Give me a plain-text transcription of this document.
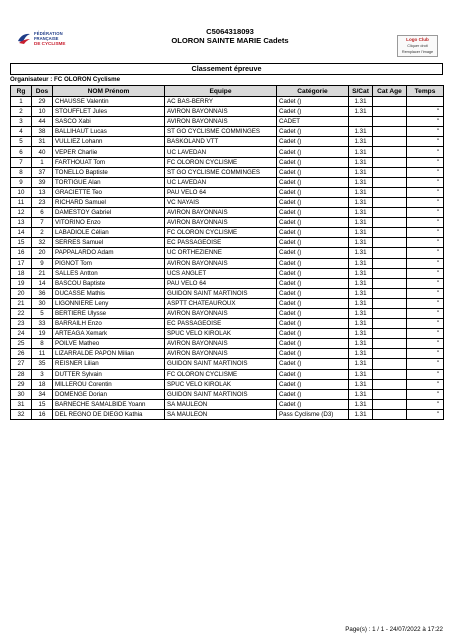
FÉDÉRATION
FRANÇAISE
DE CYCLISME
C5064318093
OLORON SAINTE MARIE Cadets	Logo Club
Cliquer droit
Remplacer l'image
Classement épreuve
Organisateur : FC OLORON Cyclisme
Rg	Dos	NOM Prénom	Equipe	Catégorie	S/Cat	Cat Age	Temps
1	29	CHAUSSE Valentin	AC BAS-BERRY	Cadet ()	1.31		
2	10	STOUFFLET Jules	AVIRON BAYONNAIS	Cadet ()	1.31		"
3	44	SASCO Xabi	AVIRON BAYONNAIS	CADET			"
4	38	BALLIHAUT Lucas	ST GO CYCLISME COMMINGES	Cadet ()	1.31		"
5	31	VULLIEZ Lohann	BASKOLAND VTT	Cadet ()	1.31		"
6	40	VEPER Charlie	UC LAVEDAN	Cadet ()	1.31		"
7	1	FARTHOUAT Tom	FC OLORON CYCLISME	Cadet ()	1.31		"
8	37	TONELLO Baptiste	ST GO CYCLISME COMMINGES	Cadet ()	1.31		"
9	39	TORTIGUE Alan	UC LAVEDAN	Cadet ()	1.31		"
10	13	GRACIETTE Teo	PAU VELO 64	Cadet ()	1.31		"
11	23	RICHARD Samuel	VC NAYAIS	Cadet ()	1.31		"
12	6	DAMESTOY Gabriel	AVIRON BAYONNAIS	Cadet ()	1.31		"
13	7	VITORINO Enzo	AVIRON BAYONNAIS	Cadet ()	1.31		"
14	2	LABADIOLE Célian	FC OLORON CYCLISME	Cadet ()	1.31		"
15	32	SERRES Samuel	EC PASSAGEOISE	Cadet ()	1.31		"
16	20	PAPPALARDO Adam	UC ORTHEZIENNE	Cadet ()	1.31		"
17	9	PIGNOT Tom	AVIRON BAYONNAIS	Cadet ()	1.31		"
18	21	SALLES Antton	UCS ANGLET	Cadet ()	1.31		"
19	14	BASCOU Baptiste	PAU VELO 64	Cadet ()	1.31		"
20	36	DUCASSE Mathis	GUIDON SAINT MARTINOIS	Cadet ()	1.31		"
21	30	LIGONNIERE Leny	ASPTT CHATEAUROUX	Cadet ()	1.31		"
22	5	BERTIERE Ulysse	AVIRON BAYONNAIS	Cadet ()	1.31		"
23	33	BARRAILH Enzo	EC PASSAGEOISE	Cadet ()	1.31		"
24	19	ARTEAGA Xemark	SPUC VELO KIROLAK	Cadet ()	1.31		"
25	8	POILVE Matheo	AVIRON BAYONNAIS	Cadet ()	1.31		"
26	11	LIZARRALDE PAPON Milian	AVIRON BAYONNAIS	Cadet ()	1.31		"
27	35	REISNER Lilian	GUIDON SAINT MARTINOIS	Cadet ()	1.31		"
28	3	DUTTER Sylvain	FC OLORON CYCLISME	Cadet ()	1.31		"
29	18	MILLEROU Corentin	SPUC VELO KIROLAK	Cadet ()	1.31		"
30	34	DOMENGE Dorian	GUIDON SAINT MARTINOIS	Cadet ()	1.31		"
31	15	BARNECHE SAMALBIDE Yoann	SA MAULEON	Cadet ()	1.31		"
32	16	DEL REGNO DE DIEGO Kathia	SA MAULEON	Pass Cyclisme (D3)	1.31		"
Page(s) : 1 / 1 - 24/07/2022 à 17:22
